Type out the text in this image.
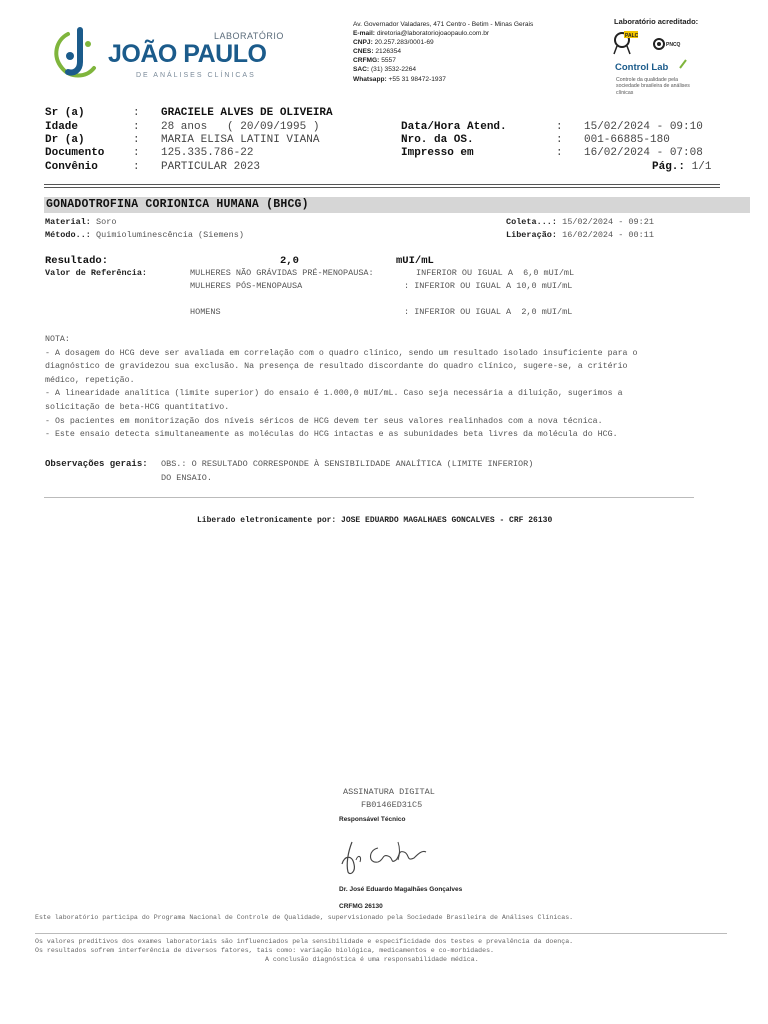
LABORATÓRIO
JOÃO PAULO
DE ANÁLISES CLÍNICAS
Av. Governador Valadares, 471 Centro - Betim - Minas Gerais
E-mail: diretoria@laboratoriojoaopaulo.com.br
CNPJ: 20.257.283/0001-69
CNES: 2126354
CRFMG: 5557
SAC: (31) 3532-2264
Whatsapp: +55 31 98472-1937
Laboratório acreditado:
PALC
PNCQ
Control Lab
Controle da qualidade pela sociedade brasileira de análises clínicas
Sr (a)	: GRACIELE ALVES DE OLIVEIRA
Idade	: 28 anos   ( 20/09/1995 )
Dr (a)	: MARIA ELISA LATINI VIANA
Documento	: 125.335.786-22
Convênio	: PARTICULAR 2023
Data/Hora Atend.	: 15/02/2024 - 09:10
Nro. da OS.	: 001-66885-180
Impresso em	: 16/02/2024 - 07:08
Pág.: 1/1
GONADOTROFINA CORIONICA HUMANA (BHCG)
Material: Soro
Método..: Quimioluminescência (Siemens)
Coleta...: 15/02/2024 - 09:21
Liberação: 16/02/2024 - 00:11
Resultado:	2,0	mUI/mL
Valor de Referência:	MULHERES NÃO GRÁVIDAS PRÉ-MENOPAUSA:	INFERIOR OU IGUAL A  6,0 mUI/mL
MULHERES PÓS-MENOPAUSA	: INFERIOR OU IGUAL A 10,0 mUI/mL
HOMENS	: INFERIOR OU IGUAL A  2,0 mUI/mL
NOTA:
- A dosagem do HCG deve ser avaliada em correlação com o quadro clínico, sendo um resultado isolado insuficiente para o
diagnóstico de gravidezou sua exclusão. Na presença de resultado discordante do quadro clínico, sugere-se, a critério
médico, repetição.
- A linearidade analítica (limite superior) do ensaio é 1.000,0 mUI/mL. Caso seja necessária a diluição, sugerimos a
solicitação de beta-HCG quantitativo.
- Os pacientes em monitorização dos níveis séricos de HCG devem ter seus valores realinhados com a nova técnica.
- Este ensaio detecta simultaneamente as moléculas do HCG intactas e as subunidades beta livres da molécula do HCG.
Observações gerais: OBS.: O RESULTADO CORRESPONDE À SENSIBILIDADE ANALÍTICA (LIMITE INFERIOR)
DO ENSAIO.
Liberado eletronicamente por: JOSE EDUARDO MAGALHAES GONCALVES - CRF 26130
ASSINATURA DIGITAL
FB0146ED31C5
Responsável Técnico
Dr. José Eduardo Magalhães Gonçalves
CRFMG 26130
Este laboratório participa do Programa Nacional de Controle de Qualidade, supervisionado pela Sociedade Brasileira de Análises Clínicas.
Os valores preditivos dos exames laboratoriais são influenciados pela sensibilidade e especificidade dos testes e prevalência da doença.
Os resultados sofrem interferência de diversos fatores, tais como: variação biológica, medicamentos e co-morbidades.
A conclusão diagnóstica é uma responsabilidade médica.
